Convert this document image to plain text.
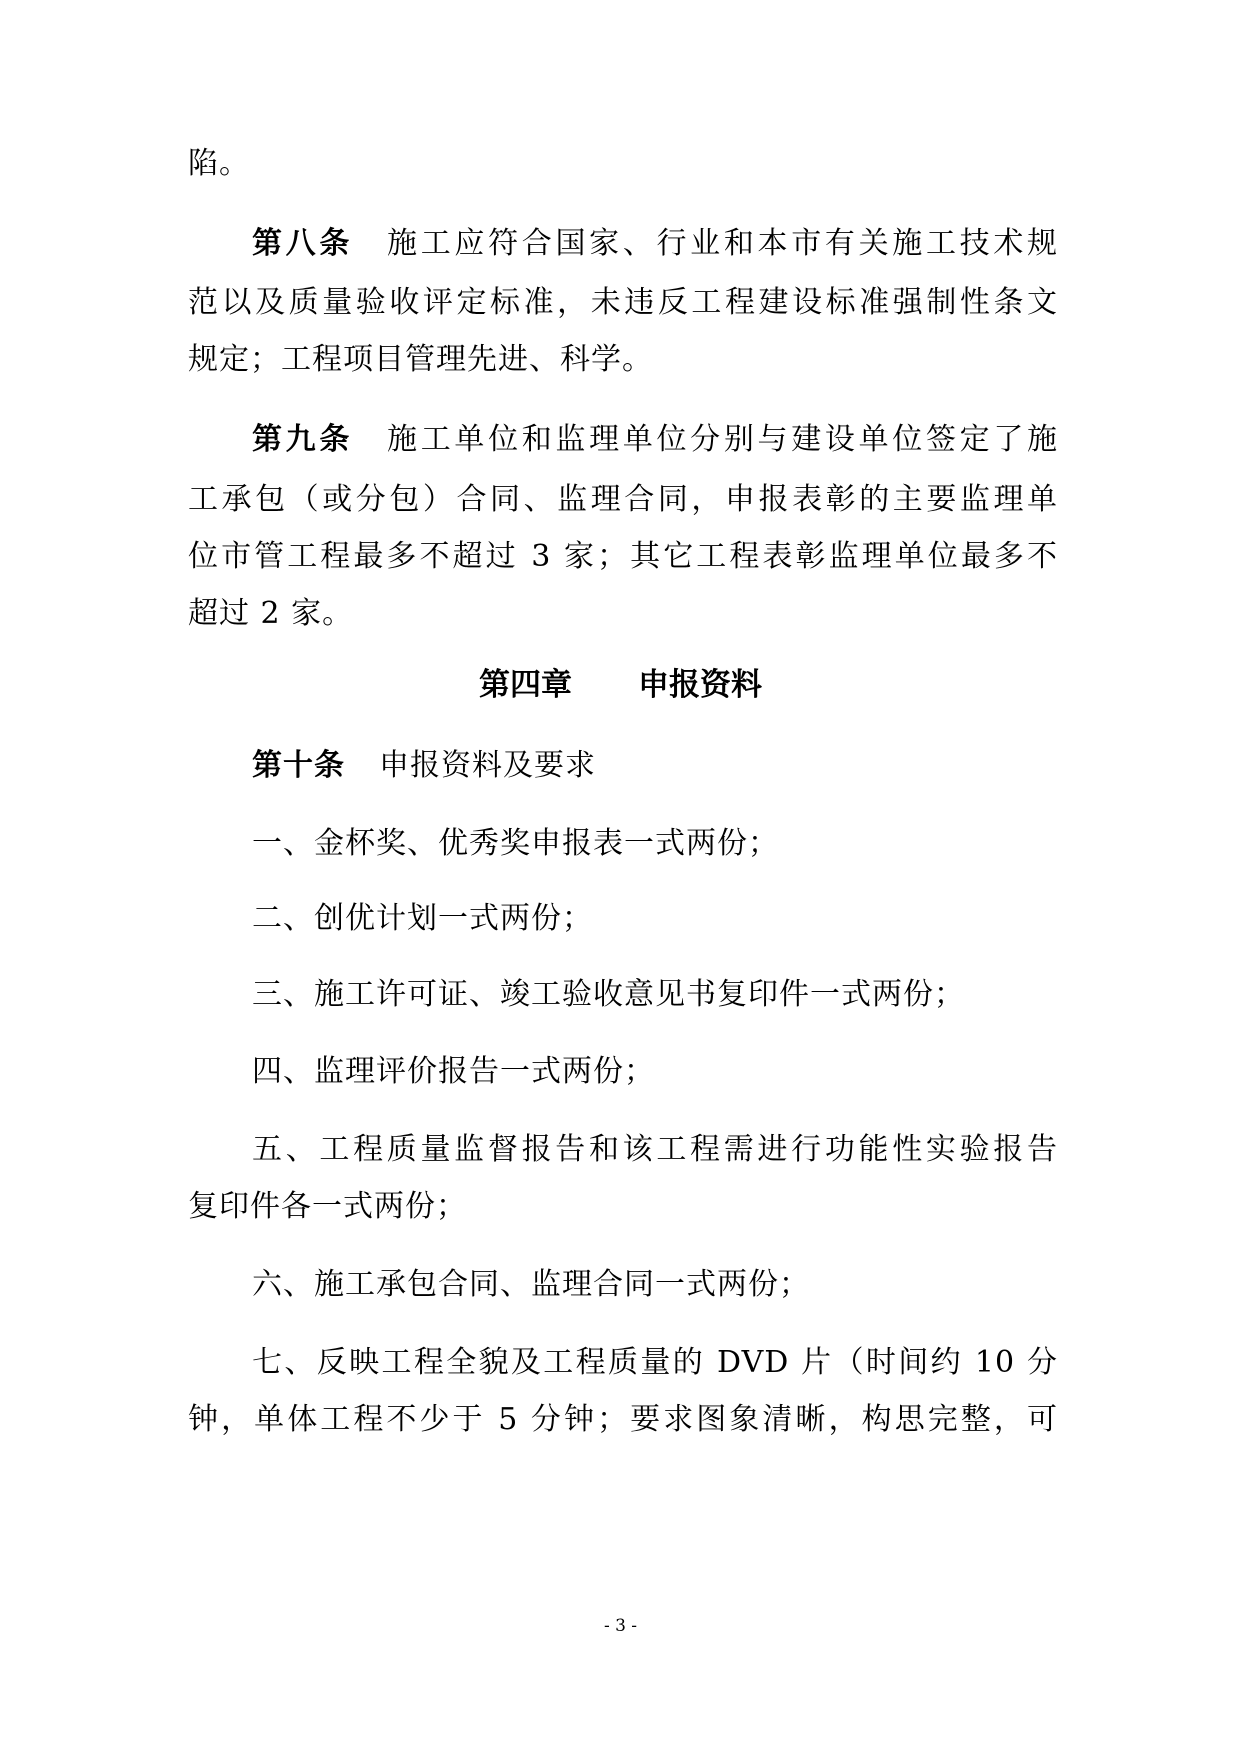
陷。
第八条 施工应符合国家、行业和本市有关施工技术规
范以及质量验收评定标准，未违反工程建设标准强制性条文
规定；工程项目管理先进、科学。
第九条 施工单位和监理单位分别与建设单位签定了施
工承包（或分包）合同、监理合同，申报表彰的主要监理单
位市管工程最多不超过 3 家；其它工程表彰监理单位最多不
超过 2 家。
第四章 申报资料
第十条 申报资料及要求
一、金杯奖、优秀奖申报表一式两份；
二、创优计划一式两份；
三、施工许可证、竣工验收意见书复印件一式两份；
四、监理评价报告一式两份；
五、工程质量监督报告和该工程需进行功能性实验报告
复印件各一式两份；
六、施工承包合同、监理合同一式两份；
七、反映工程全貌及工程质量的 DVD 片（时间约 10 分
钟，单体工程不少于 5 分钟；要求图象清晰，构思完整，可
- 3 -
